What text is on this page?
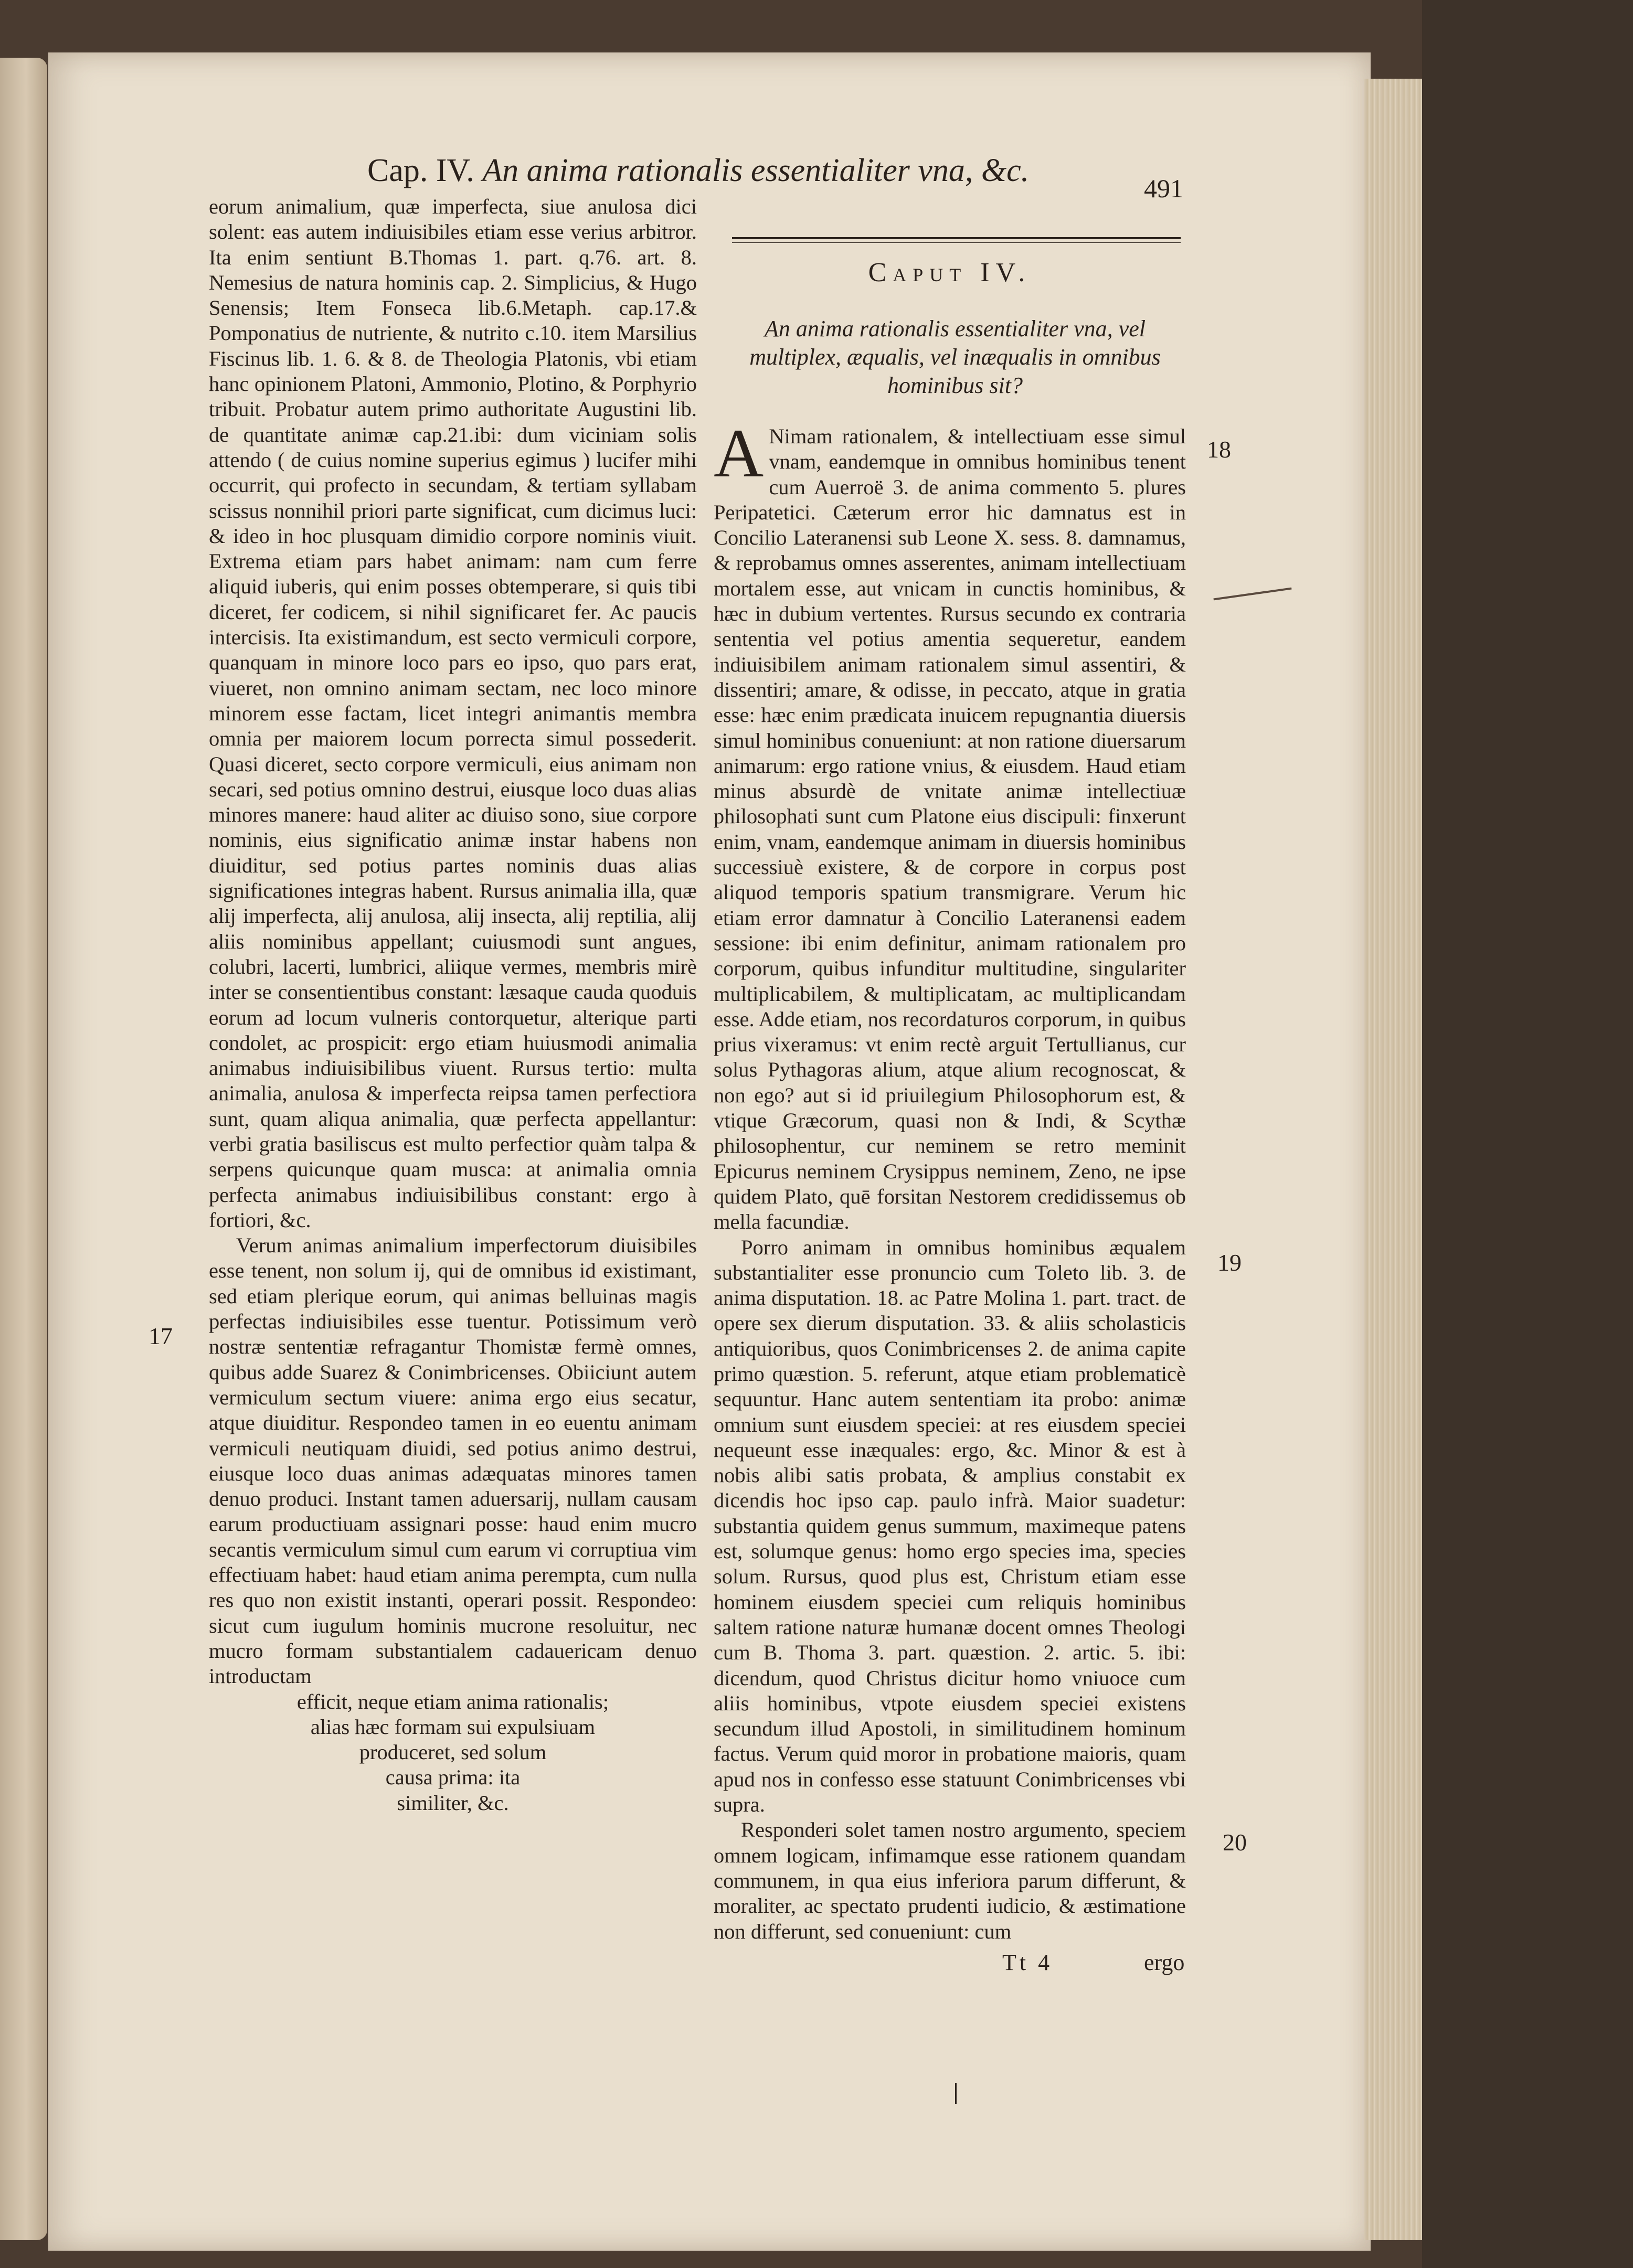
Cap. IV. An anima rationalis essentialiter vna, &c.	491

eorum animalium, quæ imperfecta, siue anulosa dici solent: eas autem indiuisibiles etiam esse verius arbitror. Ita enim sentiunt B.Thomas 1. part. q.76. art. 8. Nemesius de natura hominis cap. 2. Simplicius, & Hugo Senensis; Item Fonseca lib.6.Metaph. cap.17.& Pomponatius de nutriente, & nutrito c.10. item Marsilius Fiscinus lib. 1. 6. & 8. de Theologia Platonis, vbi etiam hanc opinionem Platoni, Ammonio, Plotino, & Porphyrio tribuit. Probatur autem primo authoritate Augustini lib. de quantitate animæ cap.21.ibi: dum viciniam solis attendo ( de cuius nomine superius egimus ) lucifer mihi occurrit, qui profecto in secundam, & tertiam syllabam scissus nonnihil priori parte significat, cum dicimus luci: & ideo in hoc plusquam dimidio corpore nominis viuit. Extrema etiam pars habet animam: nam cum ferre aliquid iuberis, qui enim posses obtemperare, si quis tibi diceret, fer codicem, si nihil significaret fer. Ac paucis intercisis. Ita existimandum, est secto vermiculi corpore, quanquam in minore loco pars eo ipso, quo pars erat, viueret, non omnino animam sectam, nec loco minore minorem esse factam, licet integri animantis membra omnia per maiorem locum porrecta simul possederit. Quasi diceret, secto corpore vermiculi, eius animam non secari, sed potius omnino destrui, eiusque loco duas alias minores manere: haud aliter ac diuiso sono, siue corpore nominis, eius significatio animæ instar habens non diuiditur, sed potius partes nominis duas alias significationes integras habent. Rursus animalia illa, quæ alij imperfecta, alij anulosa, alij insecta, alij reptilia, alij aliis nominibus appellant; cuiusmodi sunt angues, colubri, lacerti, lumbrici, aliique vermes, membris mirè inter se consentientibus constant: læsaque cauda quoduis eorum ad locum vulneris contorquetur, alterique parti condolet, ac prospicit: ergo etiam huiusmodi animalia animabus indiuisibilibus viuent. Rursus tertio: multa animalia, anulosa & imperfecta reipsa tamen perfectiora sunt, quam aliqua animalia, quæ perfecta appellantur: verbi gratia basiliscus est multo perfectior quàm talpa & serpens quicunque quam musca: at animalia omnia perfecta animabus indiuisibilibus constant: ergo à fortiori, &c.

Verum animas animalium imperfectorum diuisibiles esse tenent, non solum ij, qui de omnibus id existimant, sed etiam plerique eorum, qui animas belluinas magis perfectas indiuisibiles esse tuentur. Potissimum verò nostræ sententiæ refragantur Thomistæ fermè omnes, quibus adde Suarez & Conimbricenses. Obiiciunt autem vermiculum sectum viuere: anima ergo eius secatur, atque diuiditur. Respondeo tamen in eo euentu animam vermiculi neutiquam diuidi, sed potius animo destrui, eiusque loco duas animas adæquatas minores tamen denuo produci. Instant tamen aduersarij, nullam causam earum productiuam assignari posse: haud enim mucro secantis vermiculum simul cum earum vi corruptiua vim effectiuam habet: haud etiam anima perempta, cum nulla res quo non existit instanti, operari possit. Respondeo: sicut cum iugulum hominis mucrone resoluitur, nec mucro formam substantialem cadauericam denuo introductam

efficit, neque etiam anima rationalis;
alias hæc formam sui expulsiuam
produceret, sed solum
causa prima: ita
similiter, &c.
Caput IV.
An anima rationalis essentialiter vna, vel multiplex, æqualis, vel inæqualis in omnibus hominibus sit?

A Nimam rationalem, & intellectiuam esse simul vnam, eandemque in omnibus hominibus tenent cum Auerroë 3. de anima commento 5. plures Peripatetici. Cæterum error hic damnatus est in Concilio Lateranensi sub Leone X. sess. 8. damnamus, & reprobamus omnes asserentes, animam intellectiuam mortalem esse, aut vnicam in cunctis hominibus, & hæc in dubium vertentes. Rursus secundo ex contraria sententia vel potius amentia sequeretur, eandem indiuisibilem animam rationalem simul assentiri, & dissentiri; amare, & odisse, in peccato, atque in gratia esse: hæc enim prædicata inuicem repugnantia diuersis simul hominibus conueniunt: at non ratione diuersarum animarum: ergo ratione vnius, & eiusdem. Haud etiam minus absurdè de vnitate animæ intellectiuæ philosophati sunt cum Platone eius discipuli: finxerunt enim, vnam, eandemque animam in diuersis hominibus successiuè existere, & de corpore in corpus post aliquod temporis spatium transmigrare. Verum hic etiam error damnatur à Concilio Lateranensi eadem sessione: ibi enim definitur, animam rationalem pro corporum, quibus infunditur multitudine, singulariter multiplicabilem, & multiplicatam, ac multiplicandam esse. Adde etiam, nos recordaturos corporum, in quibus prius vixeramus: vt enim rectè arguit Tertullianus, cur solus Pythagoras alium, atque alium recognoscat, & non ego? aut si id priuilegium Philosophorum est, & vtique Græcorum, quasi non & Indi, & Scythæ philosophentur, cur neminem se retro meminit Epicurus neminem Crysippus neminem, Zeno, ne ipse quidem Plato, quē forsitan Nestorem credidissemus ob mella facundiæ.

Porro animam in omnibus hominibus æqualem substantialiter esse pronuncio cum Toleto lib. 3. de anima disputation. 18. ac Patre Molina 1. part. tract. de opere sex dierum disputation. 33. & aliis scholasticis antiquioribus, quos Conimbricenses 2. de anima capite primo quæstion. 5. referunt, atque etiam problematicè sequuntur. Hanc autem sententiam ita probo: animæ omnium sunt eiusdem speciei: at res eiusdem speciei nequeunt esse inæquales: ergo, &c. Minor & est à nobis alibi satis probata, & amplius constabit ex dicendis hoc ipso cap. paulo infrà. Maior suadetur: substantia quidem genus summum, maximeque patens est, solumque genus: homo ergo species ima, species solum. Rursus, quod plus est, Christum etiam esse hominem eiusdem speciei cum reliquis hominibus saltem ratione naturæ humanæ docent omnes Theologi cum B. Thoma 3. part. quæstion. 2. artic. 5. ibi: dicendum, quod Christus dicitur homo vniuoce cum aliis hominibus, vtpote eiusdem speciei existens secundum illud Apostoli, in similitudinem hominum factus. Verum quid moror in probatione maioris, quam apud nos in confesso esse statuunt Conimbricenses vbi supra.

Responderi solet tamen nostro argumento, speciem omnem logicam, infimamque esse rationem quandam communem, in qua eius inferiora parum differunt, & moraliter, ac spectato prudenti iudicio, & æstimatione non differunt, sed conueniunt: cum

17
18
19
20
Tt 4	ergo
